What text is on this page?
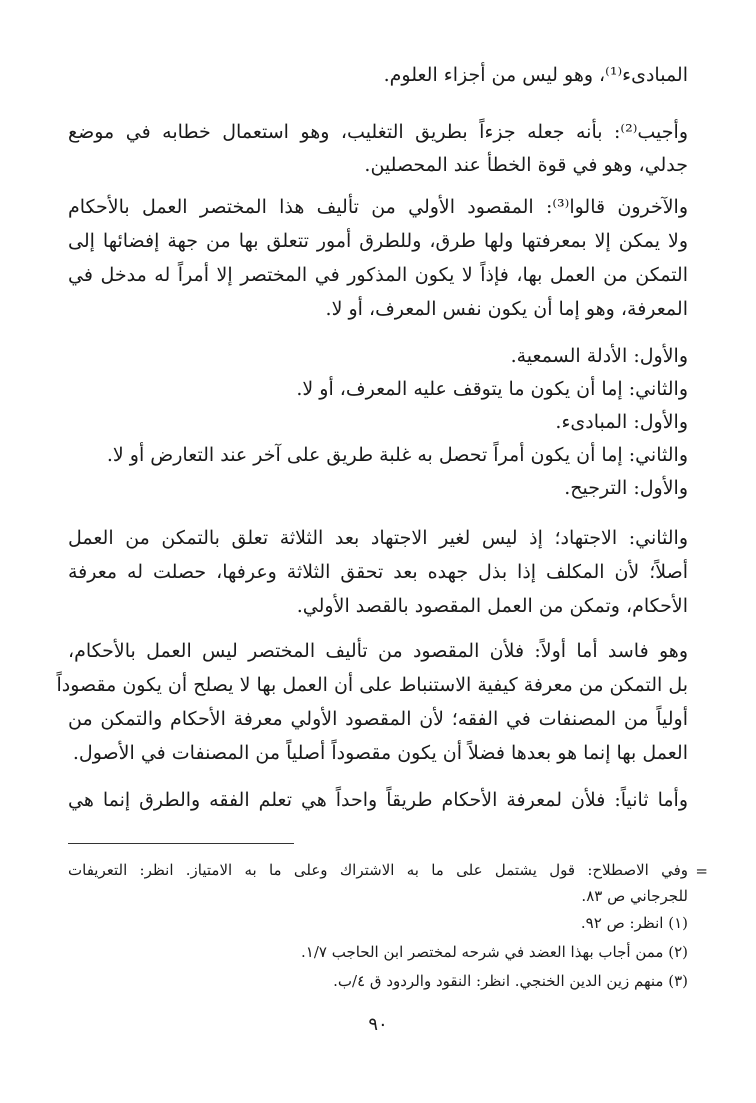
المبادىء⁽¹⁾، وهو ليس من أجزاء العلوم.
وأجيب⁽²⁾: بأنه جعله جزءاً بطريق التغليب، وهو استعمال خطابه في موضع
جدلي، وهو في قوة الخطأ عند المحصلين.
والآخرون قالوا⁽³⁾: المقصود الأولي من تأليف هذا المختصر العمل بالأحكام
ولا يمكن إلا بمعرفتها ولها طرق، وللطرق أمور تتعلق بها من جهة إفضائها إلى
التمكن من العمل بها، فإذاً لا يكون المذكور في المختصر إلا أمراً له مدخل في
المعرفة، وهو إما أن يكون نفس المعرف، أو لا.
والأول: الأدلة السمعية.
والثاني: إما أن يكون ما يتوقف عليه المعرف، أو لا.
والأول: المبادىء.
والثاني: إما أن يكون أمراً تحصل به غلبة طريق على آخر عند التعارض أو لا.
والأول: الترجيح.
والثاني: الاجتهاد؛ إذ ليس لغير الاجتهاد بعد الثلاثة تعلق بالتمكن من العمل
أصلاً؛ لأن المكلف إذا بذل جهده بعد تحقق الثلاثة وعرفها، حصلت له معرفة
الأحكام، وتمكن من العمل المقصود بالقصد الأولي.
وهو فاسد أما أولاً: فلأن المقصود من تأليف المختصر ليس العمل بالأحكام،
بل التمكن من معرفة كيفية الاستنباط على أن العمل بها لا يصلح أن يكون مقصوداً
أولياً من المصنفات في الفقه؛ لأن المقصود الأولي معرفة الأحكام والتمكن من
العمل بها إنما هو بعدها فضلاً أن يكون مقصوداً أصلياً من المصنفات في الأصول.
وأما ثانياً: فلأن لمعرفة الأحكام طريقاً واحداً هي تعلم الفقه والطرق إنما هي
=
وفي الاصطلاح: قول يشتمل على ما به الاشتراك وعلى ما به الامتياز. انظر: التعريفات
للجرجاني ص ٨٣.
(١) انظر: ص ٩٢.
(٢) ممن أجاب بهذا العضد في شرحه لمختصر ابن الحاجب ١/٧.
(٣) منهم زين الدين الخنجي. انظر: النقود والردود ق ٤/ب.
٩٠
